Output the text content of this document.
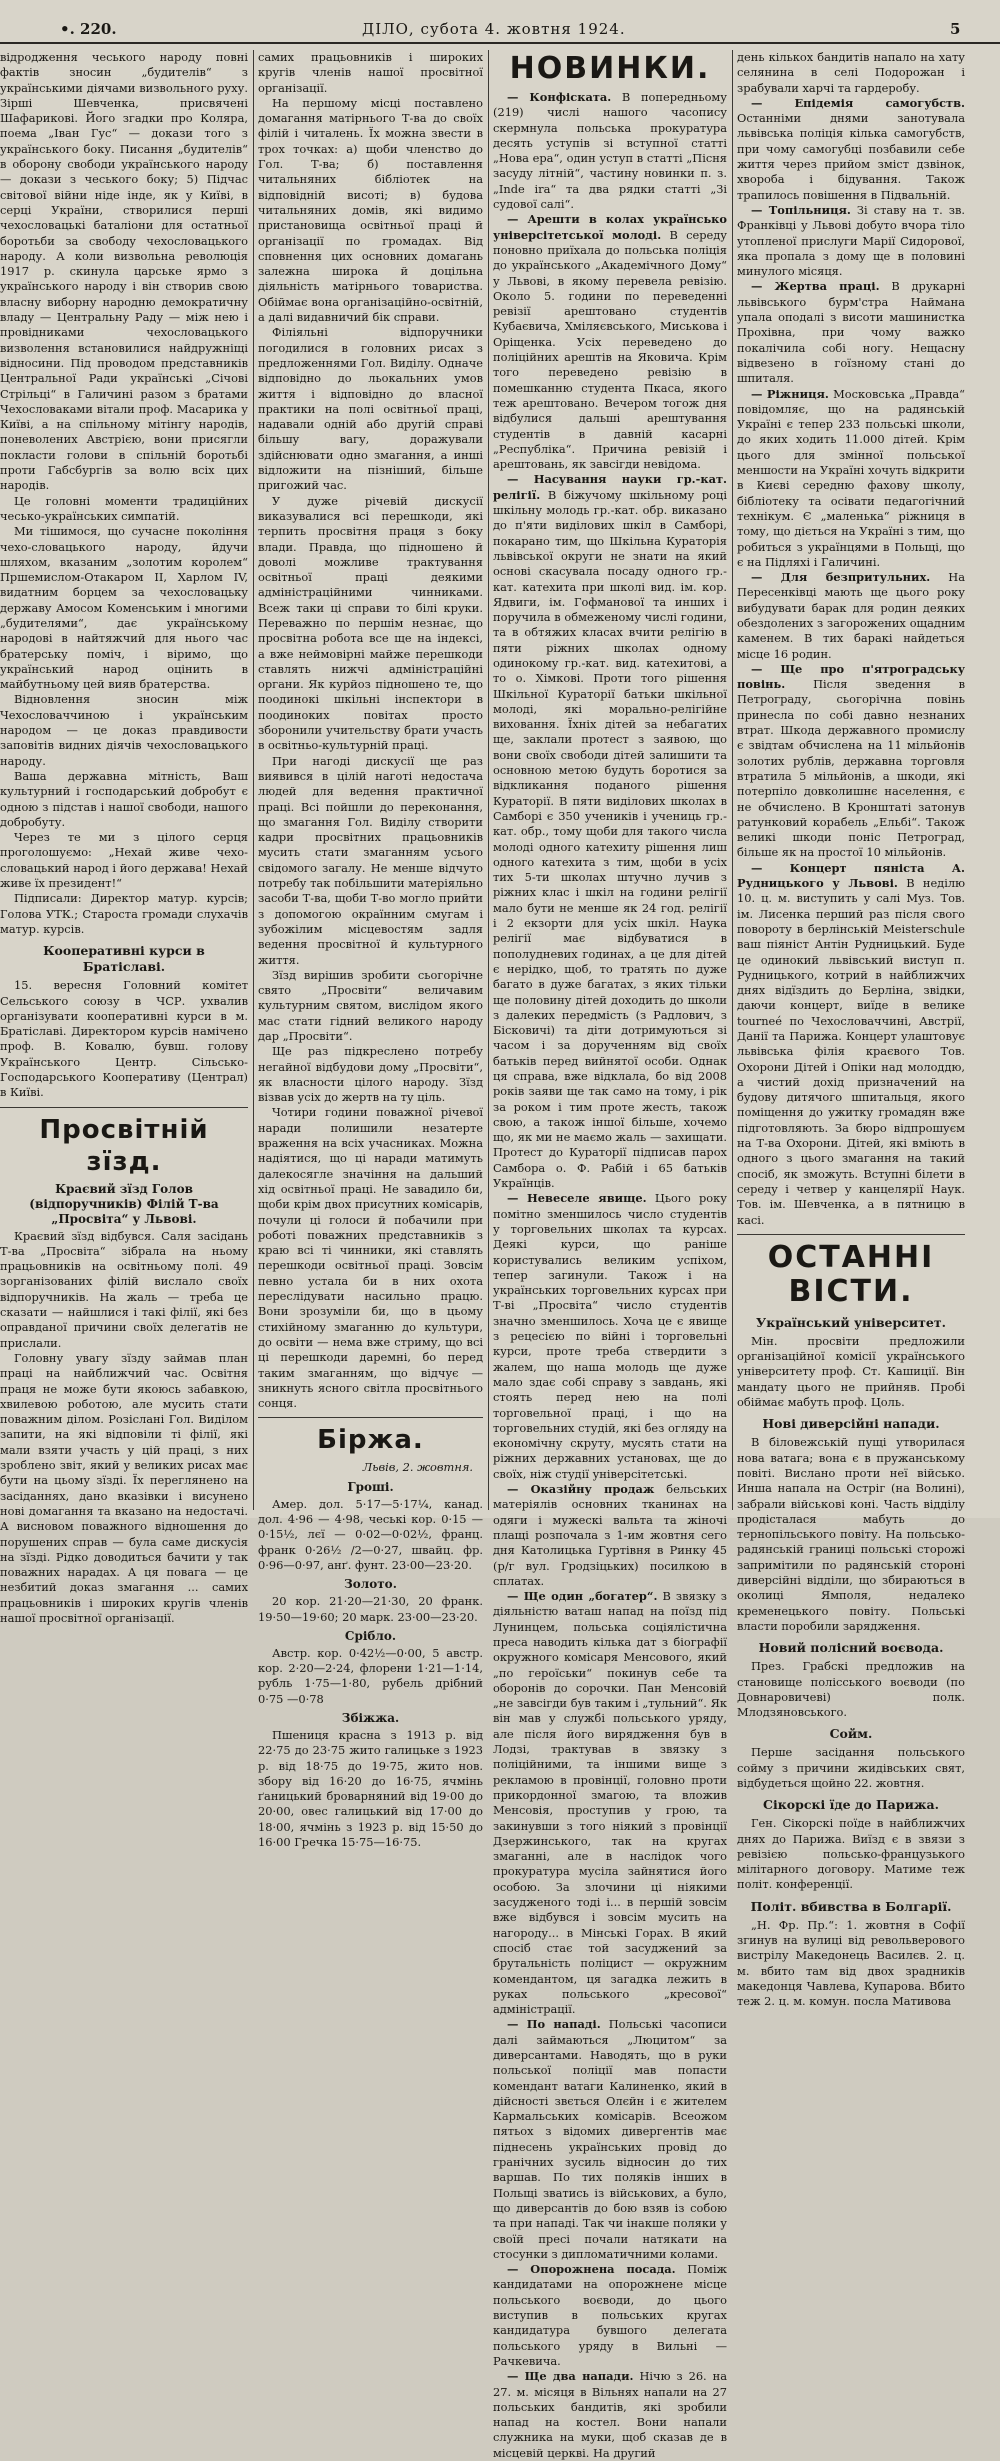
•. 220.	ДІЛО, субота 4. жовтня 1924.	5

відродження чеського народу повні фактів зносин „будителів“ з українськими діячами визвольного руху. Зірші Шевченка, присвячені Шафарикові. Його згадки про Коляра, поема „Іван Гус“ — докази того з українського боку. Писання „будителів“ в оборону свободи українського народу — докази з чеського боку; 5) Підчас світової війни ніде інде, як у Київі, в серці України, створилися перші чехословацькі баталіони для остатньої боротьби за свободу чехословацького народу. А коли визвольна революція 1917 р. скинула царське ярмо з українського народу і він створив свою власну виборну народню демократичну владу — Центральну Раду — між нею і провідниками чехословацького визволення встановилися найдружніщі відносини. Під проводом представників Центральної Ради українські „Січові Стрільці“ в Галичині разом з братами Чехословаками вітали проф. Масарика у Київі, а на спільному мітінгу народів, поневолених Австрією, вони присягли покласти голови в спільній боротьбі проти Габсбургів за волю всіх цих народів.

Це головні моменти традиційних чесько-українських симпатій.

Ми тішимося, що сучасне покоління чехо-словацького народу, йдучи шляхом, вказаним „золотим королем“ Пршемислом-Отакаром II, Харлом IV, видатним борцем за чехословацьку державу Амосом Коменським і многими „будителями“, дає українському народові в найтяжчий для нього час братерську поміч, і віримо, що український народ оцінить в майбутньому цей вияв братерства.

Відновлення зносин між Чехословаччиною і українським народом — це доказ правдивости заповітів видних діячів чехословацького народу.

Ваша державна мітність, Ваш культурний і господарський добробут є одною з підстав і нашої свободи, нашого добробуту.

Через те ми з цілого серця проголошуємо: „Нехай живе чехо-словацький народ і його держава! Нехай живе їх президент!“

Підписали: Директор матур. курсів; Голова УТК.; Староста громади слухачів матур. курсів.

Кооперативні курси в Братіславі.

15. вересня Головний комітет Сельського союзу в ЧСР. ухвалив організувати кооперативні курси в м. Братіславі. Директором курсів намічено проф. В. Ковалю, бувш. голову Українського Центр. Сільсько-Господарського Кооперативу (Централ) в Київі.

Просвітній зїзд.
Краєвий зїзд Голов (відпоручників) Філій Т-ва „Просвіта“ у Львові.

Краєвий зїзд відбувся. Саля засідань Т-ва „Просвіта“ зібрала на ньому працьовників на освітньому полі. 49 зорганізованих філій вислало своїх відпоручників. На жаль — треба це сказати — найшлися і такі філії, які без оправданої причини своїх делегатів не прислали.

Головну увагу зїзду займав план праці на найближчий час. Освітня праця не може бути якоюсь забавкою, хвилевою роботою, але мусить стати поважним ділом. Розіслані Гол. Виділом запити, на які відповіли ті філії, які мали взяти участь у цій праці, з них зроблено звіт, який у великих рисах має бути на цьому зїзді. Їх переглянено на засіданнях, дано вказівки і висунено нові домагання та вказано на недостачі. А висновом поважного відношення до порушених справ — була саме дискусія на зїзді. Рідко доводиться бачити у так поважних нарадах. А ця повага — це незбитий доказ змагання ... самих працьовників і широких кругів членів нашої просвітної організації.

самих працьовників і широких кругів членів нашої просвітної організації.

На першому місці поставлено домагання матірнього Т-ва до своїх філій і читалень. Їх можна звести в трох точках: а) щоби членство до Гол. Т-ва; б) поставлення читальняних бібліотек на відповідній висоті; в) будова читальняних домів, які видимо пристановища освітньої праці й організації по громадах. Від сповнення цих основних домагань залежна широка й доцільна діяльність матірнього товариства. Обіймає вона організаційно-освітній, а далі видавничий бік справи.

Філіяльні відпоручники погодилися в головних рисах з предложеннями Гол. Виділу. Одначе відповідно до льокальних умов життя і відповідно до власної практики на полі освітньої праці, надавали одній або другій справі більшу вагу, доражували здійснювати одно змагання, а инші відложити на пізніший, більше пригожий час.

У дуже річевій дискусії виказувалися всі перешкоди, які терпить просвітня праця з боку влади. Правда, що підношено й доволі можливе трактування освітньої праці деякими адміністраційними чинниками. Всеж таки ці справи то білі круки. Переважно по першім незнає, що просвітна робота все ще на індексі, а вже неймовірні майже перешкоди ставлять нижчі адміністраційні органи. Як курйоз підношено те, що поодинокі шкільні інспектори в поодиноких повітах просто зборонили учительству брати участь в освітньо-культурній праці.

При нагоді дискусії ще раз виявився в цілій наготі недостача людей для ведення практичної праці. Всі пойшли до переконання, що змагання Гол. Виділу створити кадри просвітних працьовників мусить стати змаганням усього свідомого загалу. Не менше відчуто потребу так побільшити матеріяльно засоби Т-ва, щоби Т-во могло прийти з допомогою окраїнним смугам і зубожілим місцевостям задля ведення просвітної й культурного життя.

Зїзд вирішив зробити сьогорічне свято „Просвіти“ величавим культурним святом, вислідом якого мас стати гідний великого народу дар „Просвіти“.

Ще раз підкреслено потребу негайної відбудови дому „Просвіти“, як власности цілого народу. Зїзд візвав усіх до жертв на ту ціль.

Чотири години поважної річевої наради полишили незатерте враження на всіх учасниках. Можна надіятися, що ці наради матимуть далекосягле значіння на дальший хід освітньої праці. Не завадило би, щоби крім двох присутних комісарів, почули ці голоси й побачили при роботі поважних представників з краю всі ті чинники, які ставлять перешкоди освітньої праці. Зовсім певно устала би в них охота переслідувати насильно працю. Вони зрозуміли би, що в цьому стихійному змаганню до культури, до освіти — нема вже стриму, що всі ці перешкоди даремні, бо перед таким змаганням, що відчує — зникнуть ясного світла просвітнього сонця.

Біржа.
Львів, 2. жовтня.
Гроші.

Амер. дол. 5·17—5·17¼, канад. дол. 4·96 — 4·98, чеські кор. 0·15 — 0·15½, лєї — 0·02—0·02½, франц. франк 0·26½ /2—0·27, швайц. фр. 0·96—0·97, анґ. фунт. 23·00—23·20.

Золото.

20 кор. 21·20—21·30, 20 франк. 19·50—19·60; 20 марк. 23·00—23·20.

Срібло.

Австр. кор. 0·42½—0·00, 5 австр. кор. 2·20—2·24, флорени 1·21—1·14, рубль 1·75—1·80, рубель дрібний 0·75 —0·78

Збіжжа.

Пшениця красна з 1913 р. від 22·75 до 23·75 жито галицьке з 1923 р. від 18·75 до 19·75, жито нов. збору від 16·20 до 16·75, ячмінь ґаницький броварняний від 19·00 до 20·00, овес галицький від 17·00 до 18·00, ячмінь з 1923 р. від 15·50 до 16·00 Гречка 15·75—16·75.

НОВИНКИ.

— Конфіската. В попередньому (219) числі нашого часопису скермнула польська прокуратура десять уступів зі вступної статті „Нова ера“, один уступ в статті „Пісня засуду літній“, частину новинки п. з. „Inde ira“ та два рядки статті „Зі судової салі“.

— Арешти в колах українсько універсітетської молоді. В середу поновно приїхала до польська поліція до українського „Академічного Дому“ у Львові, в якому перевела ревізію. Около 5. години по переведенні ревізії арештовано студентів Кубаєвича, Хміляєвського, Миськова і Оріщенка. Усіх переведено до поліційних арештів на Яковича. Крім того переведено ревізію в помешканню студента Пкаса, якого теж арештовано. Вечером тогож дня відбулися дальші арештування студентів в давній касарні „Республіка“. Причина ревізій і арештовань, як завсігди невідома.

— Насування науки гр.-кат. релігії. В біжучому шкільному році шкільну молодь гр.-кат. обр. виказано до п'яти виділових шкіл в Самборі, покарано тим, що Шкільна Кураторія львівської округи не знати на який основі скасувала посаду одного гр.-кат. катехита при школі вид. ім. кор. Ядвиги, ім. Гофманової та инших і поручила в обмеженому числі години, та в обтяжих класах вчити релігію в пяти ріжних школах одному одинокому гр.-кат. вид. катехитові, а то о. Хімкові. Проти того рішення Шкільної Кураторії батьки шкільної молоді, які морально-релігійне виховання. Їхніх дітей за небагатих ще, заклали протест з заявою, що вони своїх свободи дітей залишити та основною метою будуть боротися за відкликання поданого рішення Кураторії. В пяти виділових школах в Самборі є 350 учеників і учениць гр.-кат. обр., тому щоби для такого числа молоді одного катехиту рішення лиш одного катехита з тим, щоби в усіх тих 5-ти школах штучно лучив з ріжних клас і шкіл на години релігії мало бути не менше як 24 год. релігії і 2 екзорти для усіх шкіл. Наука релігії має відбуватися в пополудневих годинах, а це для дітей є нерідко, щоб, то тратять по дуже багато в дуже багатах, з яких тільки ще половину дітей доходить до школи з далеких передмість (з Радлович, з Бісковичі) та діти дотримуються зі часом і за дорученням від своїх батьків перед вийнятої особи. Однак ця справа, вже відклала, бо від 2008 років заяви ще так само на тому, і рік за роком і тим проте жесть, також свою, а також іншої більше, хочемо що, як ми не маємо жаль — захищати. Протест до Кураторії підписав парох Самбора о. Ф. Рабій і 65 батьків Українців.

— Невеселе явище. Цього року помітно зменшилось число студентів у торговельних школах та курсах. Деякі курси, що раніше користувались великим успіхом, тепер загинули. Також і на українських торговельних курсах при Т-ві „Просвіта“ число студентів значно зменшилось. Хоча це є явище з рецесією по війні і торговельні курси, проте треба ствердити з жалем, що наша молодь ще дуже мало здає собі справу з завдань, які стоять перед нею на полі торговельної праці, і що на торговельних студій, які без огляду на економічну скруту, мусять стати на ріжних державних установах, ще до своїх, ніж студії універсітетські.

— Оказійну продаж бельських матеріялів основних тканинах на одяги і мужескі вальта та жіночі плащі розпочала з 1-им жовтня сего дня Католицька Гуртівня в Ринку 45 (р/г вул. Гродзіцьких) посилкою в сплатах.

— Ще один „богатер“. В звязку з діяльністю ваташ напад на поїзд під Лунинцем, польська соціялістична преса наводить кілька дат з біографії окружного комісаря Менсового, який „по героїськи“ покинув себе та оборонів до сорочки. Пан Менсовій „не завсігди був таким і „тульний“. Як він мав у службі польського уряду, але після його вирядження був в Лодзі, трактував в звязку з поліційними, та іншими вище з рекламою в провінції, головно проти прикордонної змагою, та вложив Менсовія, проступив у грою, та закинувши з того ніякий з провінції Дзержинського, так на кругах змаганні, але в наслідок чого прокуратура мусіла зайнятися його особою. За злочини ці ніякими засудженого тоді і... в першій зовсім вже відбувся і зовсім мусить на нагороду... в Мінські Горах. В який спосіб стає той засуджений за брутальність поліцист — окружним комендантом, ця загадка лежить в руках польського „кресової“ адміністрації.

— По нападі. Польські часописи далі займаються „Люцитом“ за диверсантами. Наводять, що в руки польської поліції мав попасти комендант ватаги Калиненко, який в дійсності звється Олєйн і є жителем Кармальських комісарів. Всеожом пятьох з відомих дивергентів має піднесень українських провід до гранічних зусиль відносин до тих варшав. По тих поляків інших в Польщі зватись із військових, а було, що диверсантів до бою взяв із собою та при нападі. Так чи інакше поляки у своїй пресі почали натякати на стосунки з дипломатичними колами.

— Опорожнена посада. Поміж кандидатами на опорожнене місце польського воєводи, до цього виступив в польських кругах кандидатура бувшого делегата польського уряду в Вильні — Рачкевича.

— Ще два напади. Нічю з 26. на 27. м. місяця в Вільнях напали на 27 польських бандитів, які зробили напад на костел. Вони напали служника на муки, щоб сказав де в місцевій церкві. На другий

день кількох бандитів напало на хату селянина в селі Подорожан і зрабували харчі та гардеробу.

— Епідемія самогубств. Останніми днями занотувала львівська поліція кілька самогубств, при чому самогубці позбавили себе життя через прийом зміст дзвінок, хвороба і бідування. Також трапилось повішення в Підвальній.

— Топільниця. Зі ставу на т. зв. Франківці у Львові добуто вчора тіло утопленої прислуги Марії Сидорової, яка пропала з дому ще в половині минулого місяця.

— Жертва праці. В друкарні львівського бурм'стра Наймана упала оподалі з висоти машинистка Прохівна, при чому важко покалічила собі ногу. Нещасну відвезено в гоїзному стані до шпиталя.

— Ріжниця. Московська „Правда“ повідомляє, що на радянській Україні є тепер 233 польські школи, до яких ходить 11.000 дітей. Крім цього для змінної польської меншости на Україні хочуть відкрити в Києві середню фахову школу, бібліотеку та осівати педагогічний технікум. Є „маленька“ ріжниця в тому, що діється на Україні з тим, що робиться з українцями в Польщі, що є на Підляхі і Галичині.

— Для безпритульних. На Пересенківці мають ще цього року вибудувати барак для родин деяких обездолених з загорожених ощадним каменем. В тих баракі найдеться місце 16 родин.

— Ще про п'ятроградську повінь. Після зведення в Петрограду, сьогорічна повінь принесла по собі давно незнаних втрат. Шкода державного промислу є звідтам обчислена на 11 мільйонів золотих рублів, державна торговля втратила 5 мільйонів, а шкоди, які потерпіло довколишнє населення, є не обчислено. В Кронштаті затонув ратунковий корабель „Ельбі“. Також великі шкоди поніс Петроград, більше як на простої 10 мільйонів.

— Концерт пяніста А. Рудницького у Львові. В неділю 10. ц. м. виступить у салі Муз. Тов. ім. Лисенка перший раз після свого повороту в берлінській Meisterschule ваш піяніст Антін Рудницький. Буде це одинокий львівський виступ п. Рудницького, котрий в найближчих днях відїздить до Берліна, звідки, даючи концерт, виїде в велике tourneé по Чехословаччині, Австрії, Данії та Парижа. Концерт улаштовує львівська філія краєвого Тов. Охорони Дітей і Опіки над молоддю, а чистий дохід призначений на будову дитячого шпитальця, якого поміщення до ужитку громадян вже підготовляють. За бюро відпрошуєм на Т-ва Охорони. Дітей, які вміють в одного з цього змагання на такий спосіб, як зможуть. Вступні білети в середу і четвер у канцелярії Наук. Тов. ім. Шевченка, а в пятницю в касі.

ОСТАННІ ВІСТИ.
Український університет.

Мін. просвіти предложили організаційної комісії українського університету проф. Ст. Кашиції. Він мандату цього не прийняв. Пробі обіймає мабуть проф. Цоль.

Нові диверсійні напади.

В біловежській пущі утворилася нова ватага; вона є в пружанському повіті. Вислано проти неї військо. Инша напала на Остріг (на Волині), забрали військові коні. Часть відділу продісталася мабуть до тернопільського повіту. На польсько-радянській границі польські сторожі запримітили по радянській стороні диверсійні відділи, що збираються в околиці Ямполя, недалеко кременецького повіту. Польські власти поробили зарядження.

Новий полісний воєвода.

През. Грабскі предложив на становище полісського воєводи (по Довнаровичеві) полк. Млодзяновського.

Сойм.

Перше засідання польського сойму з причини жидівських свят, відбудеться щойно 22. жовтня.

Сікорскі їде до Парижа.

Ген. Сікорскі поїде в найближчих днях до Парижа. Виїзд є в звязи з ревізією польсько-французького мілітарного договору. Матиме теж політ. конференції.

Політ. вбивства в Болгарії.

„Н. Фр. Пр.“: 1. жовтня в Софії згинув на вулиці від револьверового вистрілу Македонець Василєв. 2. ц. м. вбито там від двох зрадників македонця Чавлева, Купарова. Вбито теж 2. ц. м. комун. посла Мативова
